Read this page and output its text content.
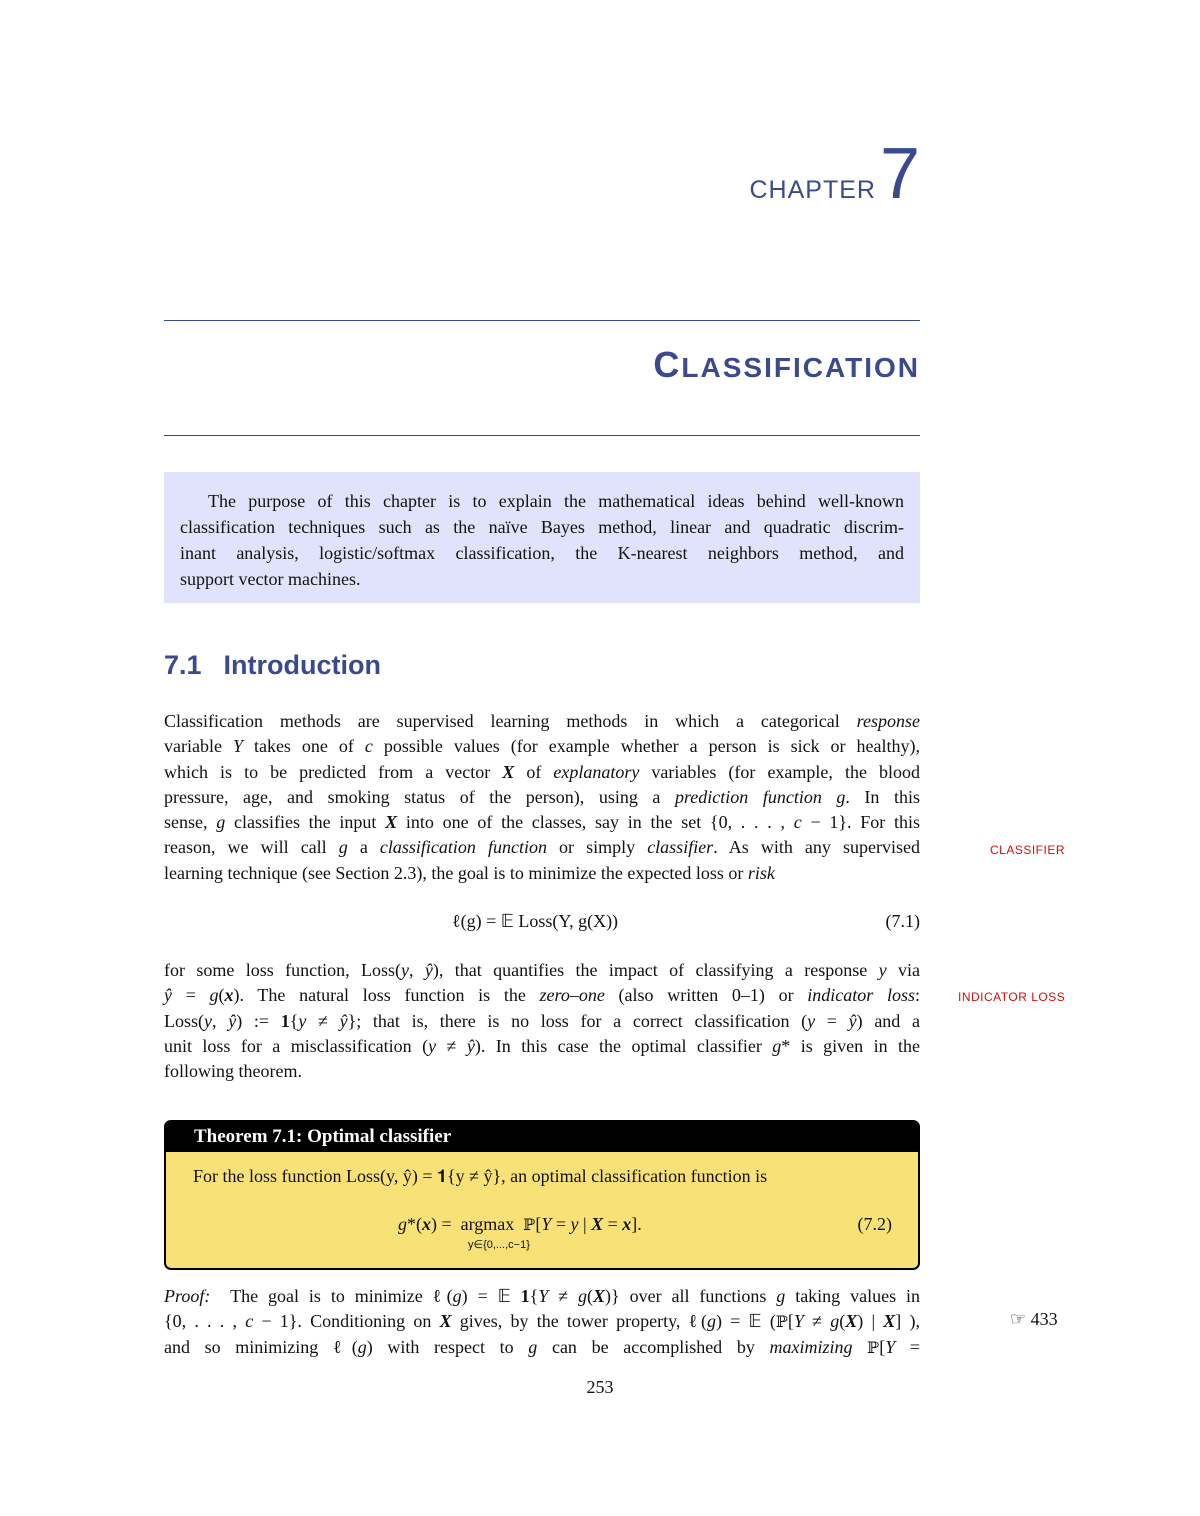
CHAPTER7
CLASSIFICATION

The purpose of this chapter is to explain the mathematical ideas behind well-known

classification techniques such as the naïve Bayes method, linear and quadratic discrim-
inant analysis, logistic/softmax classification, the K-nearest neighbors method, and
support vector machines.
7.1 Introduction
Classification methods are supervised learning methods in which a categorical response
variable Y takes one of c possible values (for example whether a person is sick or healthy),
which is to be predicted from a vector X of explanatory variables (for example, the blood
pressure, age, and smoking status of the person), using a prediction function g. In this
sense, g classifies the input X into one of the classes, say in the set {0, . . . , c − 1}. For this
reason, we will call g a classification function or simply classifier. As with any supervised
learning technique (see Section 2.3), the goal is to minimize the expected loss or risk
CLASSIFIER
ℓ(g) = 𝔼 Loss(Y, g(X))	(7.1)
for some loss function, Loss(y, ŷ), that quantifies the impact of classifying a response y via
ŷ = g(x). The natural loss function is the zero–one (also written 0–1) or indicator loss:
Loss(y, ŷ) := 1{y ≠ ŷ}; that is, there is no loss for a correct classification (y = ŷ) and a
unit loss for a misclassification (y ≠ ŷ). In this case the optimal classifier g* is given in the
following theorem.
INDICATOR LOSS
Theorem 7.1: Optimal classifier
For the loss function Loss(y, ŷ) = 𝟏{y ≠ ŷ}, an optimal classification function is
g*(x) =  argmax  ℙ[Y = y | X = x].
y∈{0,...,c−1}
(7.2)
Proof:  The goal is to minimize ℓ(g) = 𝔼 1{Y ≠ g(X)} over all functions g taking values in
{0, . . . , c − 1}. Conditioning on X gives, by the tower property, ℓ(g) = 𝔼 (ℙ[Y ≠ g(X) | X] ),
and so minimizing ℓ(g) with respect to g can be accomplished by maximizing ℙ[Y =
☞ 433
253
